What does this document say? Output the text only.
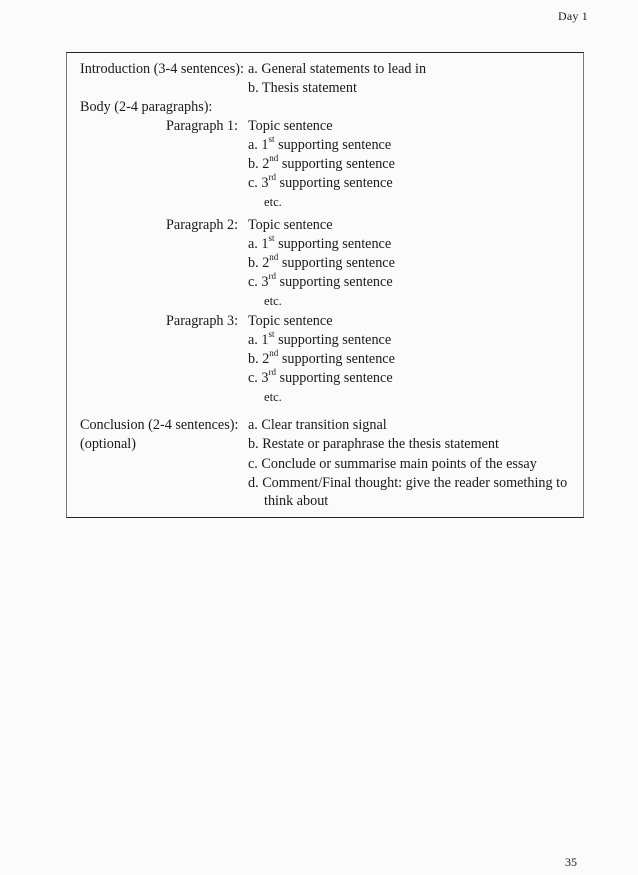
Day 1
Introduction (3-4 sentences): a. General statements to lead in
b. Thesis statement
Body (2-4 paragraphs):
Paragraph 1: Topic sentence
a. 1st supporting sentence
b. 2nd supporting sentence
c. 3rd supporting sentence
etc.
Paragraph 2: Topic sentence
a. 1st supporting sentence
b. 2nd supporting sentence
c. 3rd supporting sentence
etc.
Paragraph 3: Topic sentence
a. 1st supporting sentence
b. 2nd supporting sentence
c. 3rd supporting sentence
etc.
Conclusion (2-4 sentences):
(optional)
a. Clear transition signal
b. Restate or paraphrase the thesis statement
c. Conclude or summarise main points of the essay
d. Comment/Final thought: give the reader something to
think about
35
